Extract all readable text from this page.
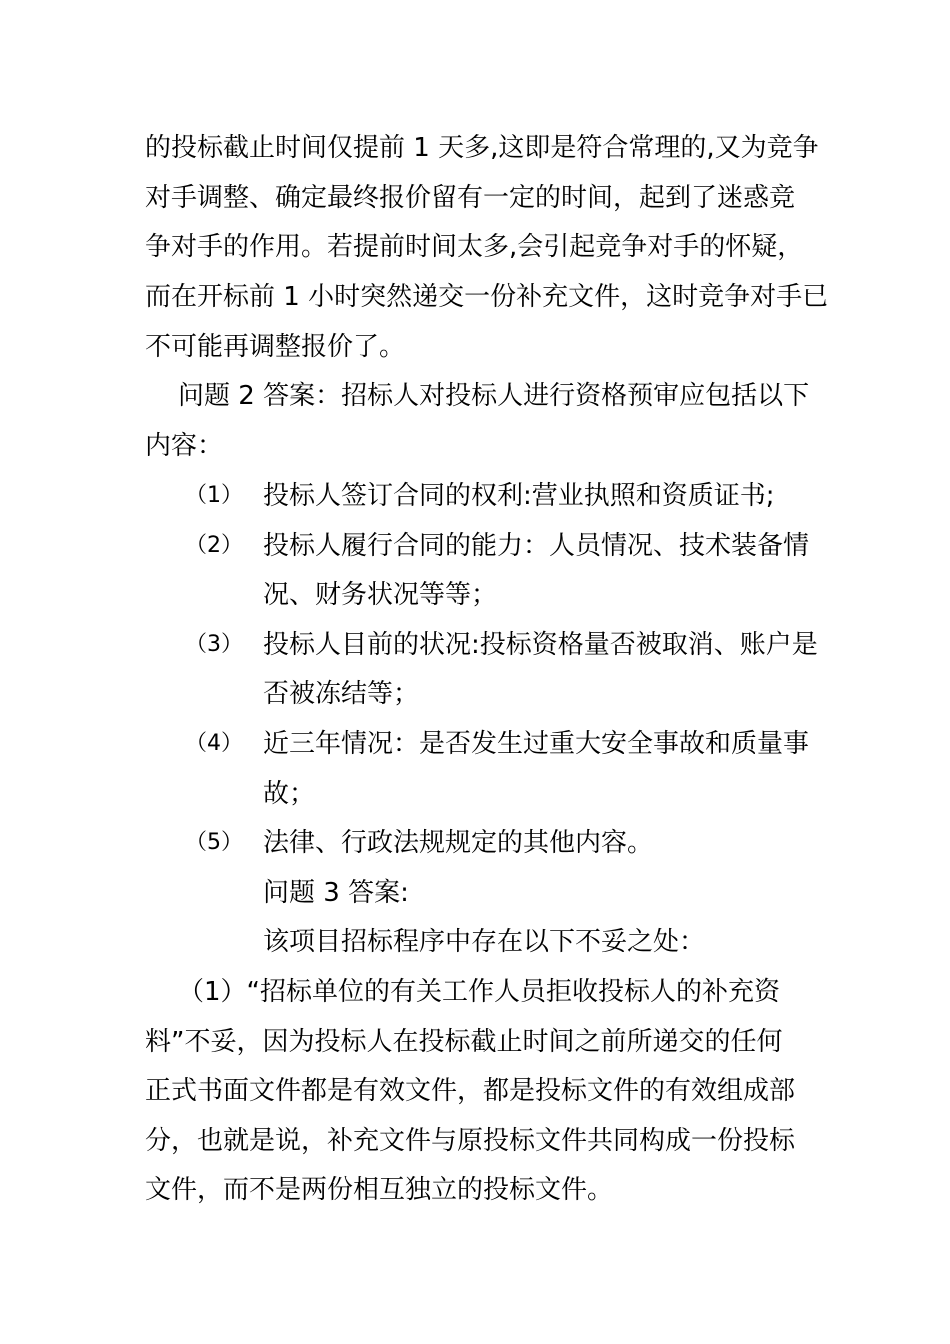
的投标截止时间仅提前 1 天多,这即是符合常理的,又为竞争
对手调整、确定最终报价留有一定的时间，起到了迷惑竞
争对手的作用。若提前时间太多,会引起竞争对手的怀疑，
而在开标前 1 小时突然递交一份补充文件，这时竞争对手已
不可能再调整报价了。
问题 2 答案：招标人对投标人进行资格预审应包括以下
内容：
（1） 投标人签订合同的权利:营业执照和资质证书;
（2） 投标人履行合同的能力：人员情况、技术装备情
况、财务状况等等；
（3） 投标人目前的状况:投标资格量否被取消、账户是
否被冻结等；
（4） 近三年情况：是否发生过重大安全事故和质量事
故；
（5） 法律、行政法规规定的其他内容。
问题 3 答案:
该项目招标程序中存在以下不妥之处：
（1）“招标单位的有关工作人员拒收投标人的补充资
料”不妥，因为投标人在投标截止时间之前所递交的任何
正式书面文件都是有效文件，都是投标文件的有效组成部
分，也就是说，补充文件与原投标文件共同构成一份投标
文件，而不是两份相互独立的投标文件。
